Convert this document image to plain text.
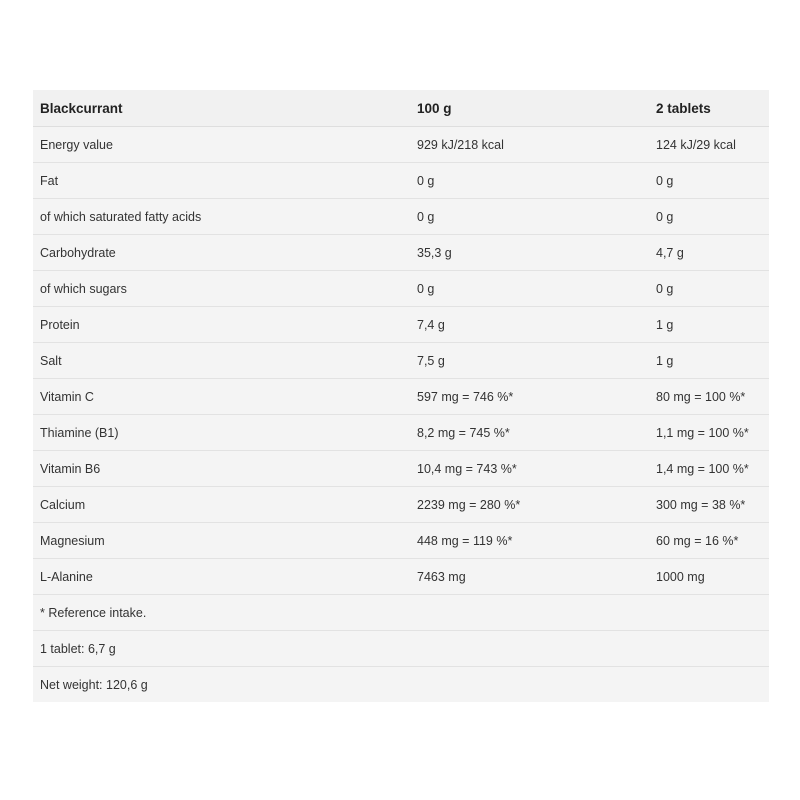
Blackcurrant	100 g	2 tablets
Energy value	929 kJ/218 kcal	124 kJ/29 kcal
Fat	0 g	0 g
of which saturated fatty acids	0 g	0 g
Carbohydrate	35,3 g	4,7 g
of which sugars	0 g	0 g
Protein	7,4 g	1 g
Salt	7,5 g	1 g
Vitamin C	597 mg = 746 %*	80 mg = 100 %*
Thiamine (B1)	8,2 mg = 745 %*	1,1 mg = 100 %*
Vitamin B6	10,4 mg = 743 %*	1,4 mg = 100 %*
Calcium	2239 mg = 280 %*	300 mg = 38 %*
Magnesium	448 mg = 119 %*	60 mg = 16 %*
L-Alanine	7463 mg	1000 mg
* Reference intake.		
1 tablet: 6,7 g		
Net weight: 120,6 g		
